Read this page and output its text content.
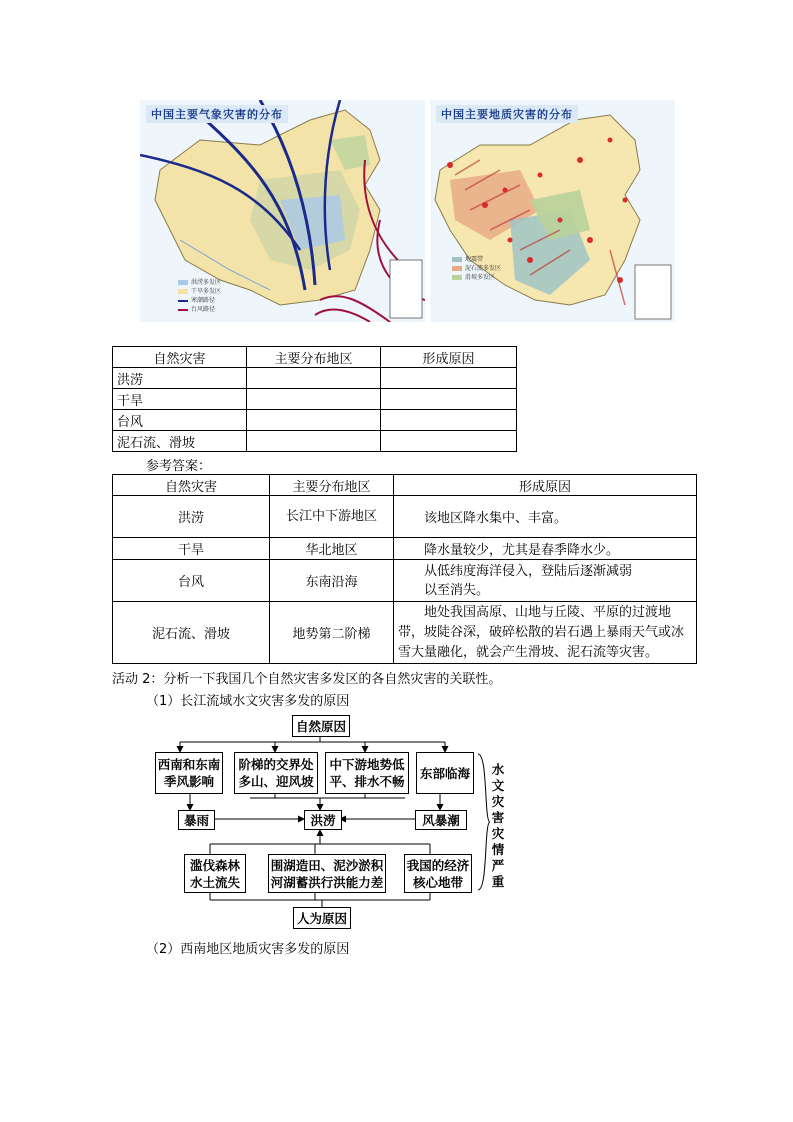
中国主要气象灾害的分布
洪涝多发区
干旱多发区
寒潮路径
台风路径
中国主要地质灾害的分布
地震带
泥石流多发区
滑坡多发区
自然灾害	主要分布地区	形成原因
洪涝		
干旱		
台风		
泥石流、滑坡		
参考答案：
自然灾害	主要分布地区	形成原因
洪涝	长江中下游地区	该地区降水集中、丰富。
干旱	华北地区	降水量较少，尤其是春季降水少。
台风	东南沿海	从低纬度海洋侵入，登陆后逐渐减弱以至消失。
泥石流、滑坡	地势第二阶梯	地处我国高原、山地与丘陵、平原的过渡地带，坡陡谷深，破碎松散的岩石遇上暴雨天气或冰雪大量融化，就会产生滑坡、泥石流等灾害。
活动 2：分析一下我国几个自然灾害多发区的各自然灾害的关联性。
（1）长江流域水文灾害多发的原因
自然原因
西南和东南季风影响
阶梯的交界处多山、迎风坡
中下游地势低平、排水不畅
东部临海
暴雨	洪涝	风暴潮
滥伐森林水土流失
围湖造田、泥沙淤积河湖蓄洪行洪能力差
我国的经济核心地带
人为原因
水文灾害灾情严重
（2）西南地区地质灾害多发的原因
